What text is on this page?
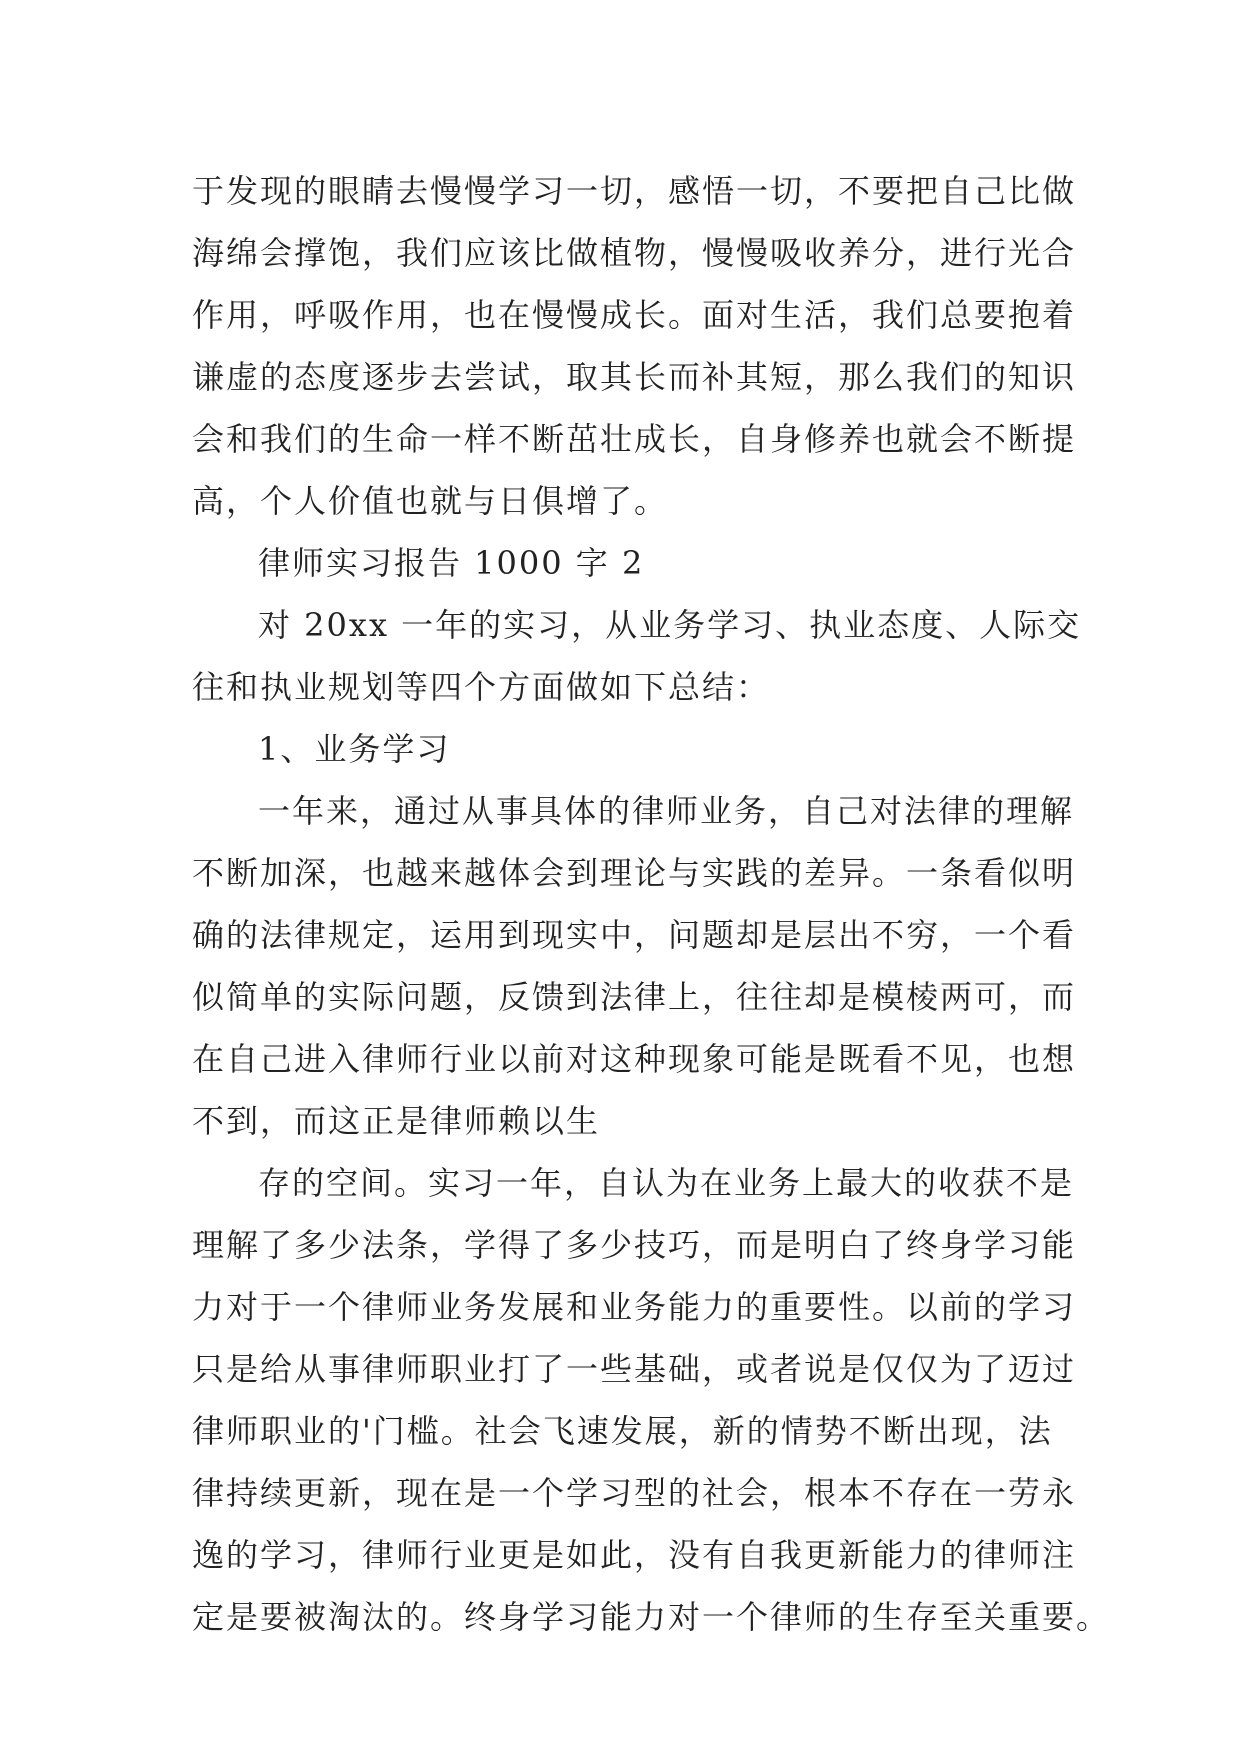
于发现的眼睛去慢慢学习一切，感悟一切，不要把自己比做
海绵会撑饱，我们应该比做植物，慢慢吸收养分，进行光合
作用，呼吸作用，也在慢慢成长。面对生活，我们总要抱着
谦虚的态度逐步去尝试，取其长而补其短，那么我们的知识
会和我们的生命一样不断茁壮成长，自身修养也就会不断提
高，个人价值也就与日俱增了。
律师实习报告 1000 字 2
对 20xx 一年的实习，从业务学习、执业态度、人际交
往和执业规划等四个方面做如下总结：
1、业务学习
一年来，通过从事具体的律师业务，自己对法律的理解
不断加深，也越来越体会到理论与实践的差异。一条看似明
确的法律规定，运用到现实中，问题却是层出不穷，一个看
似简单的实际问题，反馈到法律上，往往却是模棱两可，而
在自己进入律师行业以前对这种现象可能是既看不见，也想
不到，而这正是律师赖以生
存的空间。实习一年，自认为在业务上最大的收获不是
理解了多少法条，学得了多少技巧，而是明白了终身学习能
力对于一个律师业务发展和业务能力的重要性。以前的学习
只是给从事律师职业打了一些基础，或者说是仅仅为了迈过
律师职业的'门槛。社会飞速发展，新的情势不断出现，法
律持续更新，现在是一个学习型的社会，根本不存在一劳永
逸的学习，律师行业更是如此，没有自我更新能力的律师注
定是要被淘汰的。终身学习能力对一个律师的生存至关重要。
